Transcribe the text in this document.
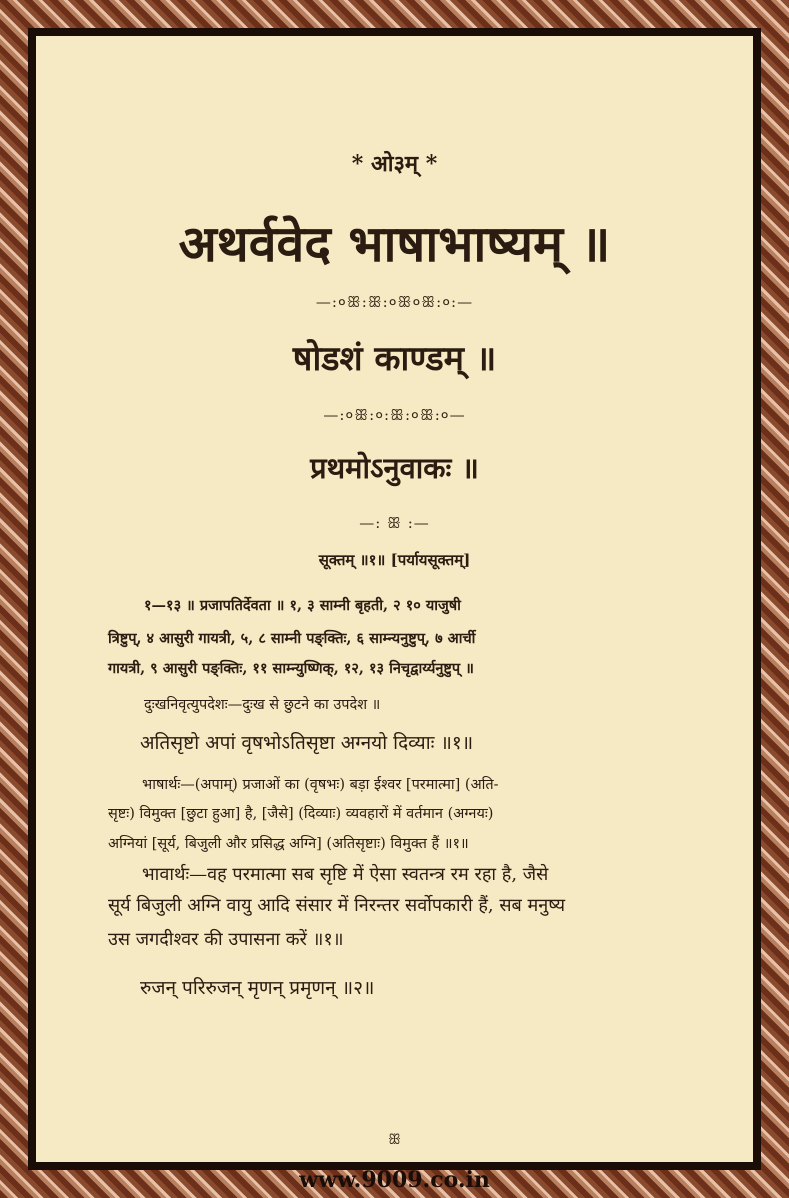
* ओ३म् *
अथर्ववेद भाषाभाष्यम् ॥
—:०ꕥ:ꕥ:०ꕥ०ꕥ:०:—
षोडशं काण्डम् ॥
—:०ꕥ:०:ꕥ:०ꕥ:०—
प्रथमोऽनुवाकः ॥
—: ꕥ :—
सूक्तम् ॥१॥ [पर्यायसूक्तम्]
१—१३ ॥ प्रजापतिर्देवता ॥ १, ३ साम्नी बृहती, २ १० याजुषी
त्रिष्टुप्, ४ आसुरी गायत्री, ५, ८ साम्नी पङ्क्तिः, ६ साम्न्यनुष्टुप्, ७ आर्ची
गायत्री, ९ आसुरी पङ्क्तिः, ११ साम्न्युष्णिक्, १२, १३ निचृद्वार्य्यनुष्टुप् ॥
दुःखनिवृत्युपदेशः—दुःख से छुटने का उपदेश ॥
अतिसृष्टो अपां वृषभोऽतिसृष्टा अग्नयो दिव्याः ॥१॥
भाषार्थः—(अपाम्) प्रजाओं का (वृषभः) बड़ा ईश्वर [परमात्मा] (अति-
सृष्टः) विमुक्त [छुटा हुआ] है, [जैसे] (दिव्याः) व्यवहारों में वर्तमान (अग्नयः)
अग्नियां [सूर्य, बिजुली और प्रसिद्ध अग्नि] (अतिसृष्टाः) विमुक्त हैं ॥१॥
भावार्थः—वह परमात्मा सब सृष्टि में ऐसा स्वतन्त्र रम रहा है, जैसे
सूर्य बिजुली अग्नि वायु आदि संसार में निरन्तर सर्वोपकारी हैं, सब मनुष्य
उस जगदीश्वर की उपासना करें ॥१॥
रुजन् परिरुजन् मृणन् प्रमृणन् ॥२॥
ꕥ
www.9009.co.in
